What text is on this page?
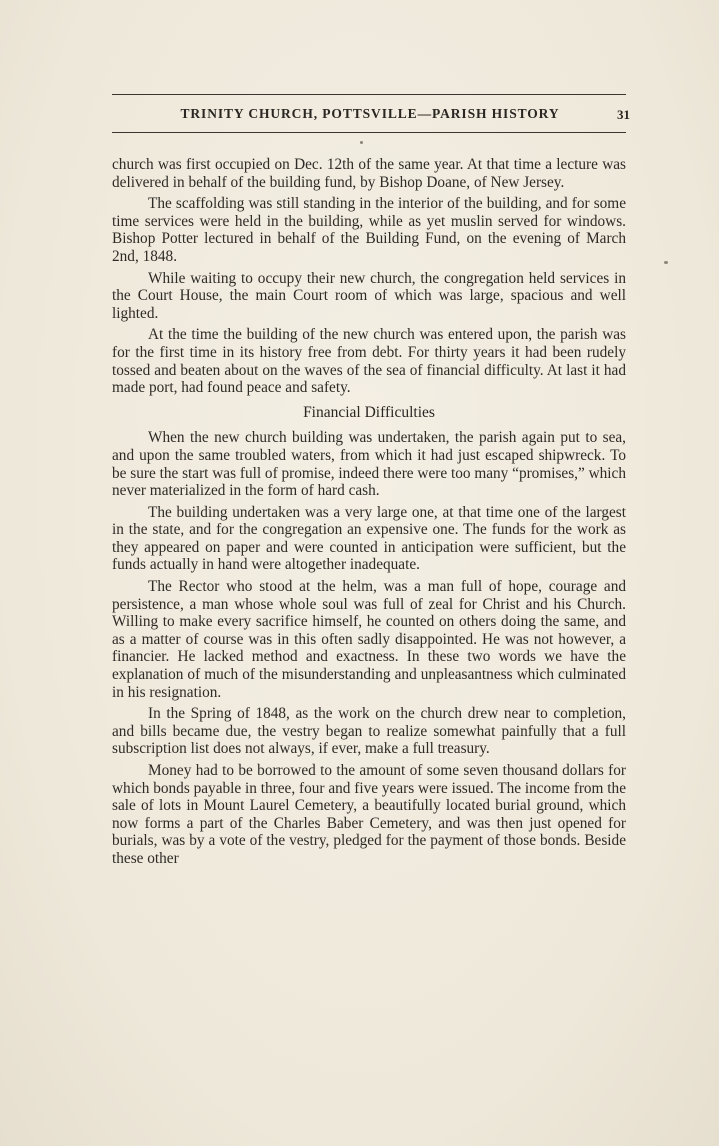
TRINITY CHURCH, POTTSVILLE—PARISH HISTORY	31

church was first occupied on Dec. 12th of the same year. At that time a lecture was delivered in behalf of the building fund, by Bishop Doane, of New Jersey.

The scaffolding was still standing in the interior of the building, and for some time services were held in the building, while as yet muslin served for windows. Bishop Potter lectured in behalf of the Building Fund, on the evening of March 2nd, 1848.

While waiting to occupy their new church, the congregation held services in the Court House, the main Court room of which was large, spacious and well lighted.

At the time the building of the new church was entered upon, the parish was for the first time in its history free from debt. For thirty years it had been rudely tossed and beaten about on the waves of the sea of financial difficulty. At last it had made port, had found peace and safety.

Financial Difficulties

When the new church building was undertaken, the parish again put to sea, and upon the same troubled waters, from which it had just escaped shipwreck. To be sure the start was full of promise, indeed there were too many “promises,” which never materialized in the form of hard cash.

The building undertaken was a very large one, at that time one of the largest in the state, and for the congregation an expensive one. The funds for the work as they appeared on paper and were counted in anticipation were sufficient, but the funds actually in hand were altogether inadequate.

The Rector who stood at the helm, was a man full of hope, courage and persistence, a man whose whole soul was full of zeal for Christ and his Church. Willing to make every sacrifice himself, he counted on others doing the same, and as a matter of course was in this often sadly disappointed. He was not however, a financier. He lacked method and exactness. In these two words we have the explanation of much of the misunderstanding and unpleasantness which culminated in his resignation.

In the Spring of 1848, as the work on the church drew near to completion, and bills became due, the vestry began to realize somewhat painfully that a full subscription list does not always, if ever, make a full treasury.

Money had to be borrowed to the amount of some seven thousand dollars for which bonds payable in three, four and five years were issued. The income from the sale of lots in Mount Laurel Cemetery, a beautifully located burial ground, which now forms a part of the Charles Baber Cemetery, and was then just opened for burials, was by a vote of the vestry, pledged for the payment of those bonds. Beside these other
